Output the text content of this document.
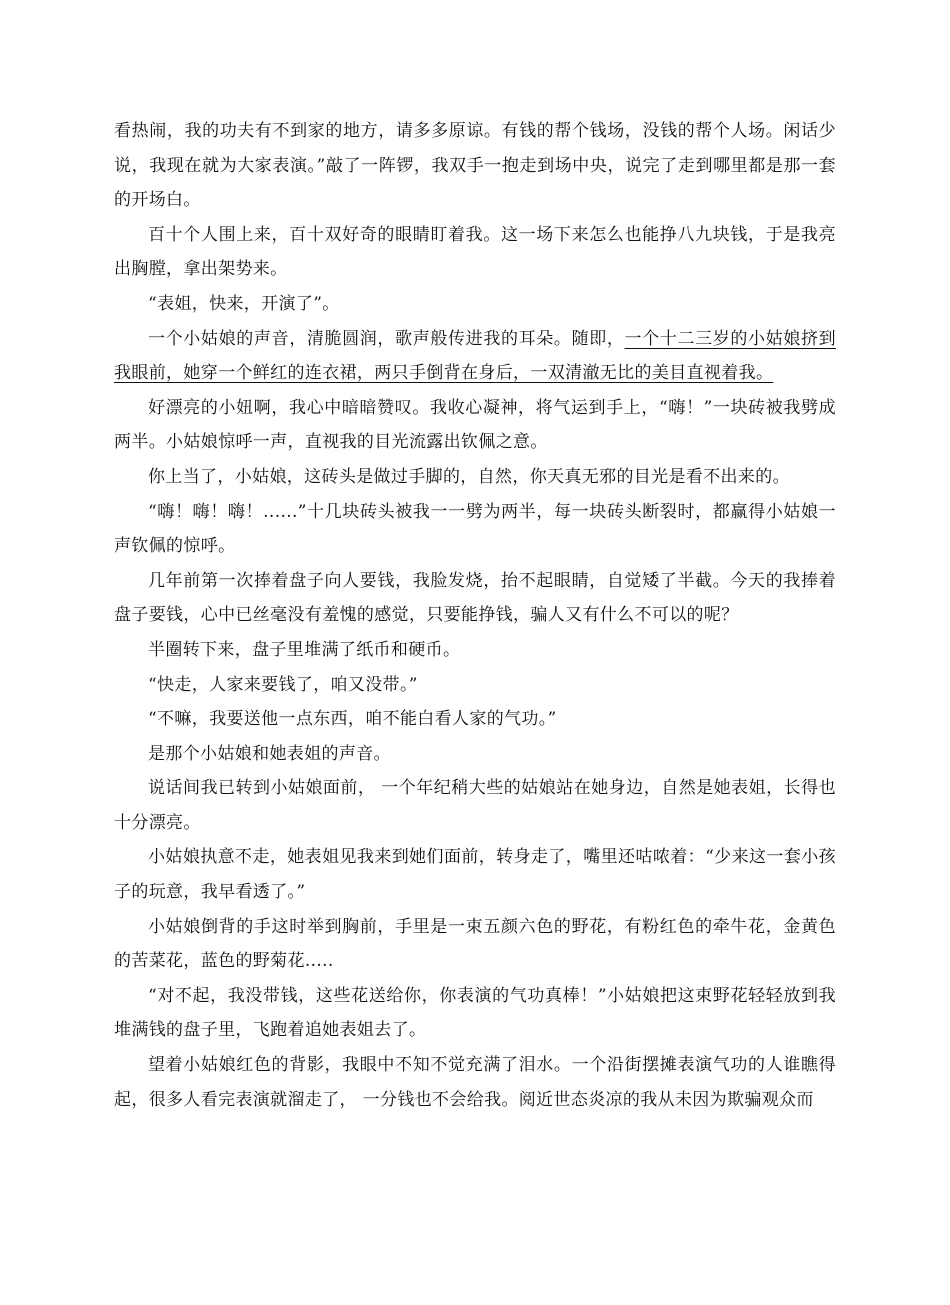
看热闹，我的功夫有不到家的地方，请多多原谅。有钱的帮个钱场，没钱的帮个人场。闲话少说，我现在就为大家表演。”敲了一阵锣，我双手一抱走到场中央，说完了走到哪里都是那一套的开场白。

百十个人围上来，百十双好奇的眼睛盯着我。这一场下来怎么也能挣八九块钱，于是我亮出胸膛，拿出架势来。

“表姐，快来，开演了”。

一个小姑娘的声音，清脆圆润，歌声般传进我的耳朵。随即，一个十二三岁的小姑娘挤到我眼前，她穿一个鲜红的连衣裙，两只手倒背在身后，一双清澈无比的美目直视着我。

好漂亮的小妞啊，我心中暗暗赞叹。我收心凝神，将气运到手上，“嗨！”一块砖被我劈成两半。小姑娘惊呼一声，直视我的目光流露出钦佩之意。

你上当了，小姑娘，这砖头是做过手脚的，自然，你天真无邪的目光是看不出来的。

“嗨！嗨！嗨！......”十几块砖头被我一一劈为两半，每一块砖头断裂时，都赢得小姑娘一声钦佩的惊呼。

几年前第一次捧着盘子向人要钱，我脸发烧，抬不起眼睛，自觉矮了半截。今天的我捧着盘子要钱，心中已丝毫没有羞愧的感觉，只要能挣钱，骗人又有什么不可以的呢？

半圈转下来，盘子里堆满了纸币和硬币。

“快走，人家来要钱了，咱又没带。”

“不嘛，我要送他一点东西，咱不能白看人家的气功。”

是那个小姑娘和她表姐的声音。

说话间我已转到小姑娘面前， 一个年纪稍大些的姑娘站在她身边，自然是她表姐，长得也十分漂亮。

小姑娘执意不走，她表姐见我来到她们面前，转身走了，嘴里还咕哝着：“少来这一套小孩子的玩意，我早看透了。”

小姑娘倒背的手这时举到胸前，手里是一束五颜六色的野花，有粉红色的牵牛花，金黄色的苦菜花，蓝色的野菊花.....

“对不起，我没带钱，这些花送给你，你表演的气功真棒！”小姑娘把这束野花轻轻放到我堆满钱的盘子里，飞跑着追她表姐去了。

望着小姑娘红色的背影，我眼中不知不觉充满了泪水。一个沿街摆摊表演气功的人谁瞧得起，很多人看完表演就溜走了， 一分钱也不会给我。阅近世态炎凉的我从未因为欺骗观众而
